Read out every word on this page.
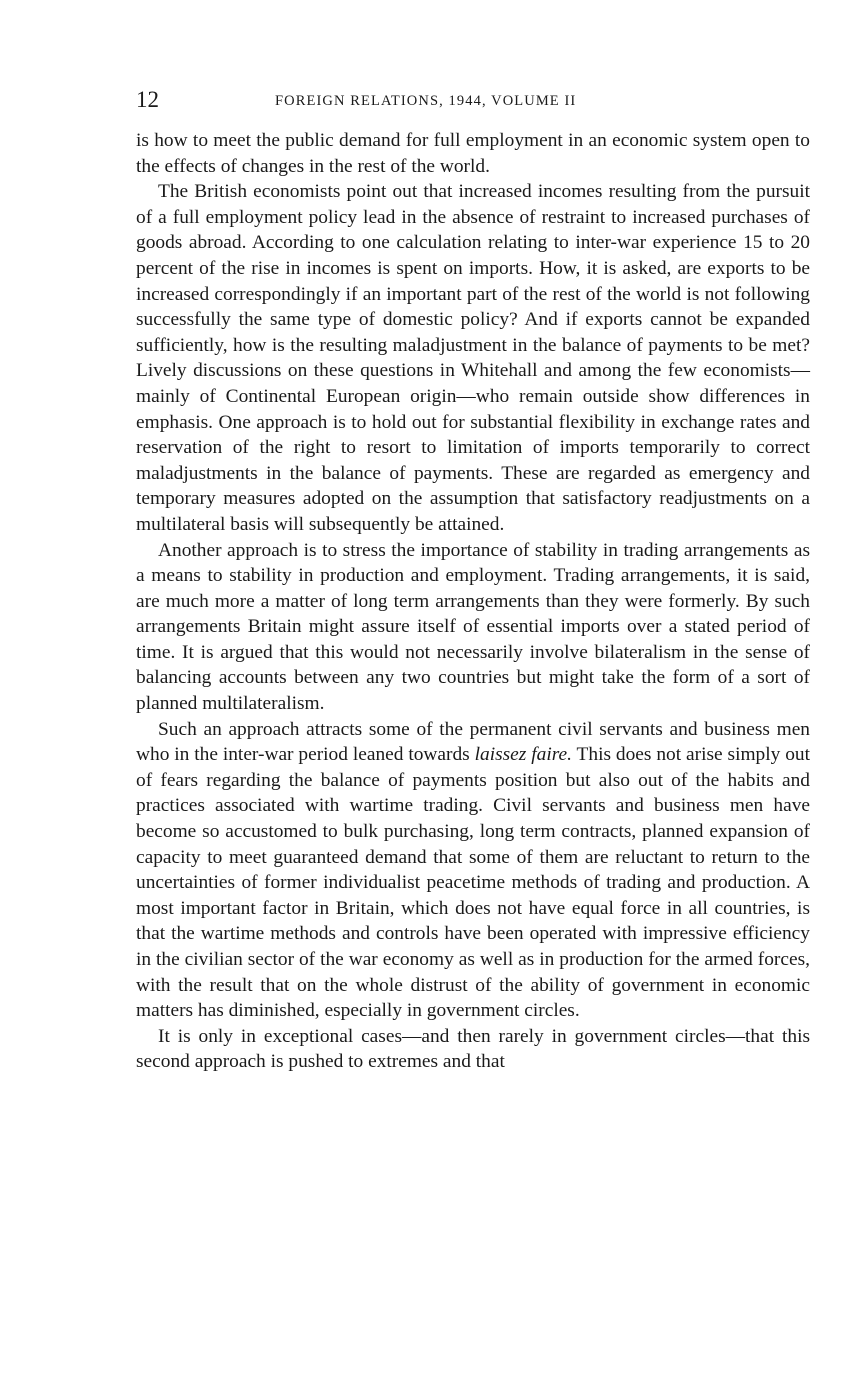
12	FOREIGN RELATIONS, 1944, VOLUME II

is how to meet the public demand for full employment in an economic system open to the effects of changes in the rest of the world.

The British economists point out that increased incomes resulting from the pursuit of a full employment policy lead in the absence of restraint to increased purchases of goods abroad. According to one calculation relating to inter-war experience 15 to 20 percent of the rise in incomes is spent on imports. How, it is asked, are exports to be increased correspondingly if an important part of the rest of the world is not following successfully the same type of domestic policy? And if exports cannot be expanded sufficiently, how is the resulting maladjustment in the balance of payments to be met? Lively discussions on these questions in Whitehall and among the few economists—mainly of Continental European origin—who remain outside show differences in emphasis. One approach is to hold out for substantial flexibility in exchange rates and reservation of the right to resort to limitation of imports temporarily to correct maladjustments in the balance of payments. These are regarded as emergency and temporary measures adopted on the assumption that satisfactory readjustments on a multilateral basis will subsequently be attained.

Another approach is to stress the importance of stability in trading arrangements as a means to stability in production and employment. Trading arrangements, it is said, are much more a matter of long term arrangements than they were formerly. By such arrangements Britain might assure itself of essential imports over a stated period of time. It is argued that this would not necessarily involve bilateralism in the sense of balancing accounts between any two countries but might take the form of a sort of planned multilateralism.

Such an approach attracts some of the permanent civil servants and business men who in the inter-war period leaned towards laissez faire. This does not arise simply out of fears regarding the balance of payments position but also out of the habits and practices associated with wartime trading. Civil servants and business men have become so accustomed to bulk purchasing, long term contracts, planned expansion of capacity to meet guaranteed demand that some of them are reluctant to return to the uncertainties of former individualist peacetime methods of trading and production. A most important factor in Britain, which does not have equal force in all countries, is that the wartime methods and controls have been operated with impressive efficiency in the civilian sector of the war economy as well as in production for the armed forces, with the result that on the whole distrust of the ability of government in economic matters has diminished, especially in government circles.

It is only in exceptional cases—and then rarely in government circles—that this second approach is pushed to extremes and that
